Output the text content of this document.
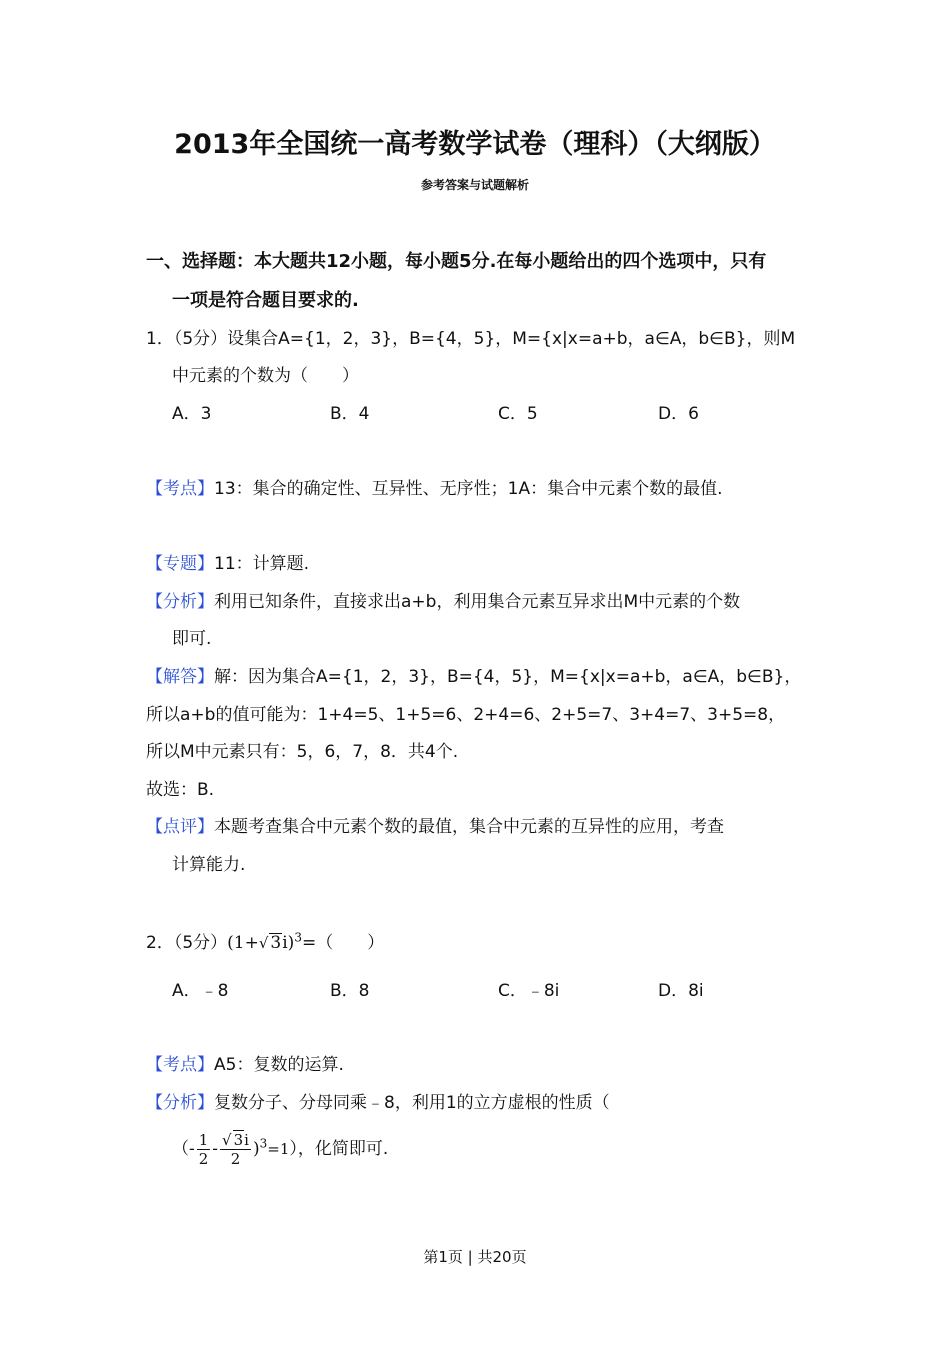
2013年全国统一高考数学试卷（理科）（大纲版）
参考答案与试题解析
一、选择题：本大题共12小题，每小题5分.在每小题给出的四个选项中，只有
一项是符合题目要求的.
1．（5分）设集合A={1，2，3}，B={4，5}，M={x|x=a+b，a∈A，b∈B}，则M
中元素的个数为（　　）
A．3	B．4	C．5	D．6
【考点】13：集合的确定性、互异性、无序性；1A：集合中元素个数的最值.
【专题】11：计算题.
【分析】利用已知条件，直接求出a+b，利用集合元素互异求出M中元素的个数
即可.
【解答】解：因为集合A={1，2，3}，B={4，5}，M={x|x=a+b，a∈A，b∈B}，
所以a+b的值可能为：1+4=5、1+5=6、2+4=6、2+5=7、3+4=7、3+5=8，
所以M中元素只有：5，6，7，8．共4个.
故选：B.
【点评】本题考查集合中元素个数的最值，集合中元素的互异性的应用，考查
计算能力.
2．（5分）(1+√ 3i)$^3$=（　　）
A．﹣8	B．8	C．﹣8i	D．8i
【考点】A5：复数的运算.
【分析】复数分子、分母同乘﹣8，利用1的立方虚根的性质（
（- $\frac{1}{2} - \frac{√ 3i}{2} )^3=1$），化简即可.
第1页 | 共20页
